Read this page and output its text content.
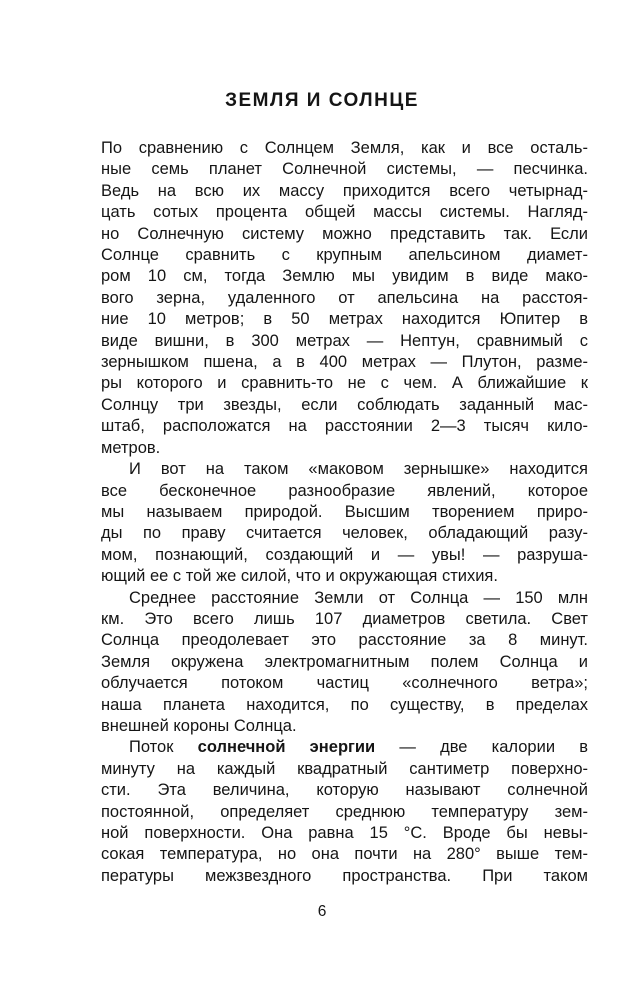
ЗЕМЛЯ И СОЛНЦЕ
По сравнению с Солнцем Земля, как и все осталь-
ные семь планет Солнечной системы, — песчинка.
Ведь на всю их массу приходится всего четырнад-
цать сотых процента общей массы системы. Нагляд-
но Солнечную систему можно представить так. Если
Солнце сравнить с крупным апельсином диамет-
ром 10 см, тогда Землю мы увидим в виде мако-
вого зерна, удаленного от апельсина на расстоя-
ние 10 метров; в 50 метрах находится Юпитер в
виде вишни, в 300 метрах — Нептун, сравнимый с
зернышком пшена, а в 400 метрах — Плутон, разме-
ры которого и сравнить-то не с чем. А ближайшие к
Солнцу три звезды, если соблюдать заданный мас-
штаб, расположатся на расстоянии 2—3 тысяч кило-
метров.
И вот на таком «маковом зернышке» находится
все бесконечное разнообразие явлений, которое
мы называем природой. Высшим творением приро-
ды по праву считается человек, обладающий разу-
мом, познающий, создающий и — увы! — разруша-
ющий ее с той же силой, что и окружающая стихия.
Среднее расстояние Земли от Солнца — 150 млн
км. Это всего лишь 107 диаметров светила. Свет
Солнца преодолевает это расстояние за 8 минут.
Земля окружена электромагнитным полем Солнца и
облучается потоком частиц «солнечного ветра»;
наша планета находится, по существу, в пределах
внешней короны Солнца.
Поток солнечной энергии — две калории в
минуту на каждый квадратный сантиметр поверхно-
сти. Эта величина, которую называют солнечной
постоянной, определяет среднюю температуру зем-
ной поверхности. Она равна 15 °С. Вроде бы невы-
сокая температура, но она почти на 280° выше тем-
пературы межзвездного пространства. При таком
6
